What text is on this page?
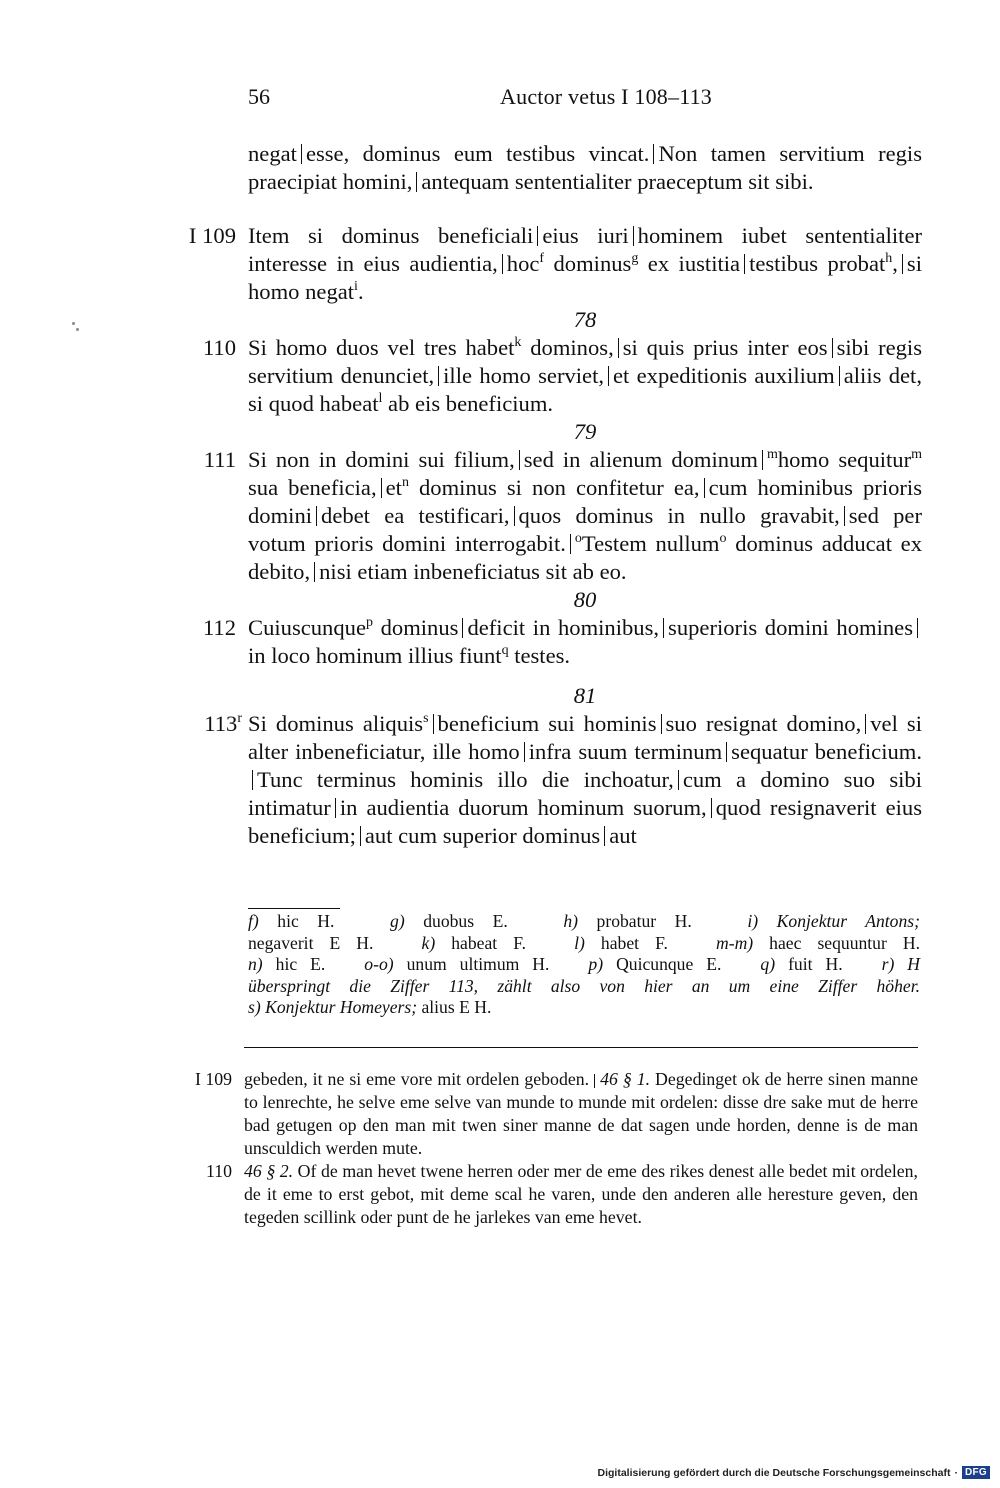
56	Auctor vetus I 108–113
negat esse, dominus eum testibus vincat. Non tamen servitium regis praecipiat homini, antequam sententialiter praeceptum sit sibi.
I 109 Item si dominus beneficiali eius iuri hominem iubet sententialiter interesse in eius audientia, hoc$^f$ dominus$^g$ ex iustitia testibus probat$^h$, si homo negat$^i$.
78
110 Si homo duos vel tres habet$^k$ dominos, si quis prius inter eos sibi regis servitium denunciet, ille homo serviet, et expeditionis auxilium aliis det, si quod habeat$^l$ ab eis beneficium.
79
111 Si non in domini sui filium, sed in alienum dominum $^m$homo sequitur$^m$ sua beneficia, $et^n$ dominus si non confitetur ea, cum hominibus prioris domini debet ea testificari, quos dominus in nullo gravabit, sed per votum prioris domini interrogabit. $^o$Testem nullum$^o$ dominus adducat ex debito, nisi etiam inbeneficiatus sit ab eo.
80
112 Cuiuscunque$^p$ dominus deficit in hominibus, superioris domini hominesin loco hominum illius fiunt$^q$ testes.
81
113$^r$ Si dominus aliquis$^s$ beneficium sui hominis suo resignat domino, vel si alter inbeneficiatur, ille homo infra suum terminum sequatur beneficium.Tunc terminus hominis illo die inchoatur, cum a domino suo sibi intimatur in audientia duorum hominum suorum, quod resignaverit eius beneficium; aut cum superior dominus aut
f) hic H.	g) duobus E.	h) probatur H.	i) Konjektur Antons;
negaverit E H.	k) habeat F.	l) habet F.	m-m) haec sequuntur H.
n) hic E. o-o) unum ultimum H. p) Quicunque E. q) fuit H. r) H
überspringt die Ziffer 113, zählt also von hier an um eine Ziffer höher.
s) Konjektur Homeyers; alius E H.
I 109 gebeden, it ne si eme vore mit ordelen geboden. 46 § 1. Degedinget ok de herre sinen manne to lenrechte, he selve eme selve van munde to munde mit ordelen: disse dre sake mut de herre bad getugen op den man mit twen siner manne de dat sagen unde horden, denne is de man unsculdich werden mute.
110 46 § 2. Of de man hevet twene herren oder mer de eme des rikes denest alle bedet mit ordelen, de it eme to erst gebot, mit deme scal he varen, unde den anderen alle heresture geven, den tegeden scillink oder punt de he jarlekes van eme hevet.
Digitalisierung gefördert durch die Deutsche Forschungsgemeinschaft · DFG
